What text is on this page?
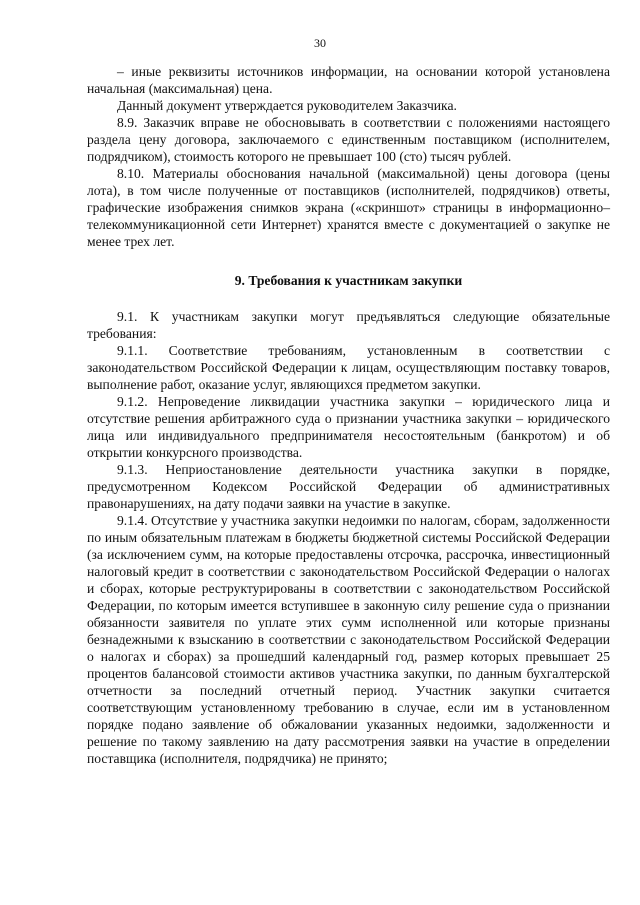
30

– иные реквизиты источников информации, на основании которой установлена начальная (максимальная) цена.

Данный документ утверждается руководителем Заказчика.

8.9. Заказчик вправе не обосновывать в соответствии с положениями настоящего раздела цену договора, заключаемого с единственным поставщиком (исполнителем, подрядчиком), стоимость которого не превышает 100 (сто) тысяч рублей.

8.10. Материалы обоснования начальной (максимальной) цены договора (цены лота), в том числе полученные от поставщиков (исполнителей, подрядчиков) ответы, графические изображения снимков экрана («скриншот» страницы в информационно–телекоммуникационной сети Интернет) хранятся вместе с документацией о закупке не менее трех лет.

9. Требования к участникам закупки

9.1. К участникам закупки могут предъявляться следующие обязательные требования:

9.1.1. Соответствие требованиям, установленным в соответствии с законодательством Российской Федерации к лицам, осуществляющим поставку товаров, выполнение работ, оказание услуг, являющихся предметом закупки.

9.1.2. Непроведение ликвидации участника закупки – юридического лица и отсутствие решения арбитражного суда о признании участника закупки – юридического лица или индивидуального предпринимателя несостоятельным (банкротом) и об открытии конкурсного производства.

9.1.3. Неприостановление деятельности участника закупки в порядке, предусмотренном Кодексом Российской Федерации об административных правонарушениях, на дату подачи заявки на участие в закупке.

9.1.4. Отсутствие у участника закупки недоимки по налогам, сборам, задолженности по иным обязательным платежам в бюджеты бюджетной системы Российской Федерации (за исключением сумм, на которые предоставлены отсрочка, рассрочка, инвестиционный налоговый кредит в соответствии с законодательством Российской Федерации о налогах и сборах, которые реструктурированы в соответствии с законодательством Российской Федерации, по которым имеется вступившее в законную силу решение суда о признании обязанности заявителя по уплате этих сумм исполненной или которые признаны безнадежными к взысканию в соответствии с законодательством Российской Федерации о налогах и сборах) за прошедший календарный год, размер которых превышает 25 процентов балансовой стоимости активов участника закупки, по данным бухгалтерской отчетности за последний отчетный период. Участник закупки считается соответствующим установленному требованию в случае, если им в установленном порядке подано заявление об обжаловании указанных недоимки, задолженности и решение по такому заявлению на дату рассмотрения заявки на участие в определении поставщика (исполнителя, подрядчика) не принято;
